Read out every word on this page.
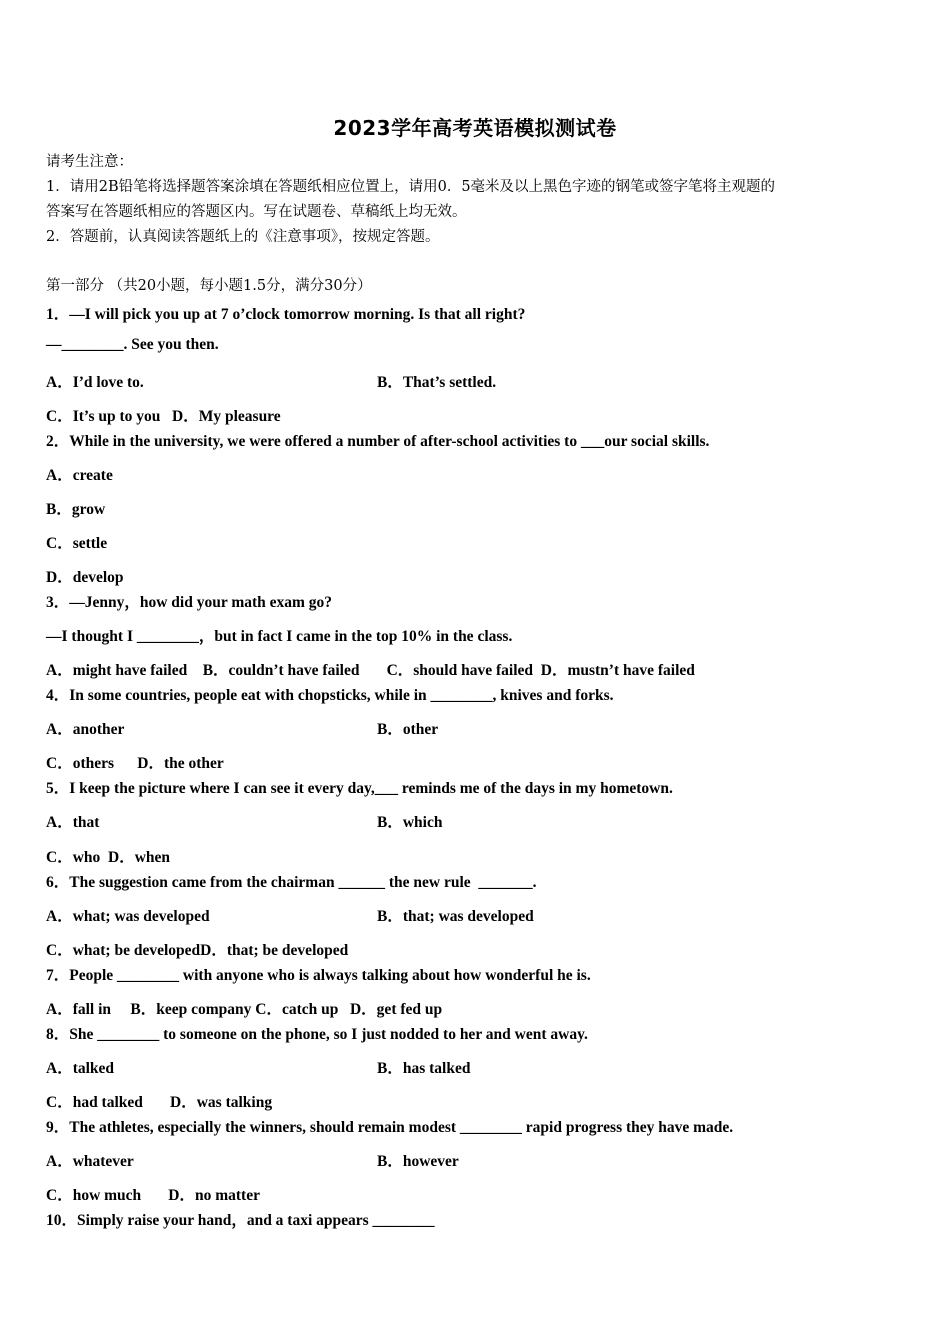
2023学年高考英语模拟测试卷
请考生注意：
1．请用2B铅笔将选择题答案涂填在答题纸相应位置上，请用0．5毫米及以上黑色字迹的钢笔或签字笔将主观题的
答案写在答题纸相应的答题区内。写在试题卷、草稿纸上均无效。
2．答题前，认真阅读答题纸上的《注意事项》，按规定答题。
第一部分 （共20小题，每小题1.5分，满分30分）
1．—I will pick you up at 7 o’clock tomorrow morning. Is that all right?
—________. See you then.
A．I’d love to.	B．That’s settled.
C．It’s up to you   D．My pleasure
2．While in the university, we were offered a number of after-school activities to ___our social skills.
A．create
B．grow
C．settle
D．develop
3．—Jenny，how did your math exam go?
—I thought I ________，but in fact I came in the top 10% in the class.
A．might have failed    B．couldn’t have failed       C．should have failed  D．mustn’t have failed
4．In some countries, people eat with chopsticks, while in ________, knives and forks.
A．another	B．other
C．others      D．the other
5．I keep the picture where I can see it every day,___ reminds me of the days in my hometown.
A．that	B．which
C．who  D．when
6．The suggestion came from the chairman ______ the new rule  _______.
A．what; was developed	B．that; was developed
C．what; be developedD．that; be developed
7．People ________ with anyone who is always talking about how wonderful he is.
A．fall in     B．keep company C．catch up   D．get fed up
8．She ________ to someone on the phone, so I just nodded to her and went away.
A．talked	B．has talked
C．had talked       D．was talking
9．The athletes, especially the winners, should remain modest ________ rapid progress they have made.
A．whatever	B．however
C．how much       D．no matter
10．Simply raise your hand，and a taxi appears ________
